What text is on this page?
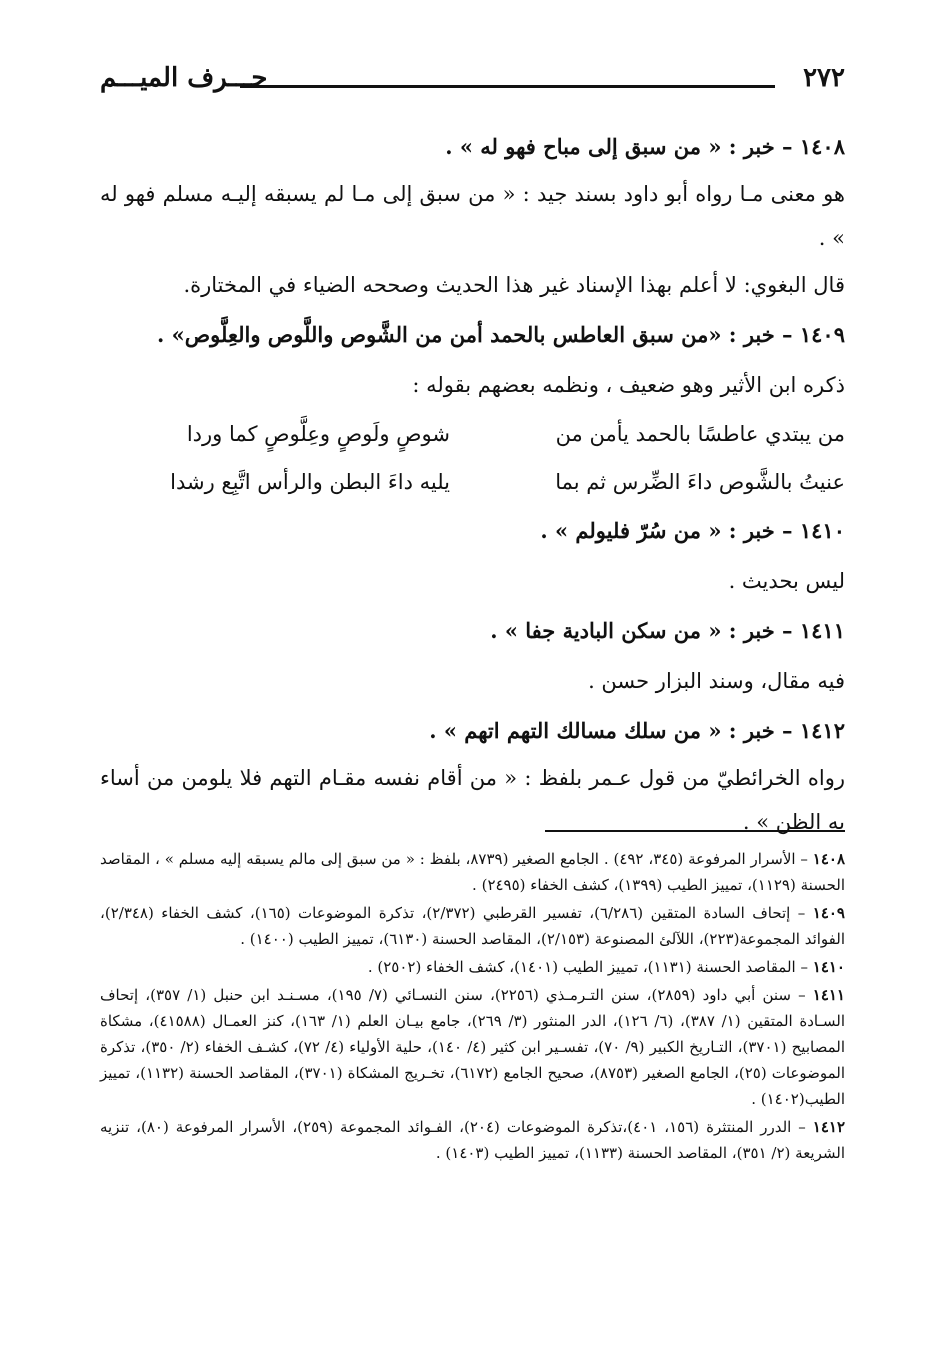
٢٧٢
حـــرف الميـــم
١٤٠٨ – خبر : « من سبق إلى مباح فهو له » .
هو معنى مـا رواه أبو داود بسند جيد : « من سبق إلى مـا لم يسبقه إليـه مسلم فهو له » .
قال البغوي: لا أعلم بهذا الإسناد غير هذا الحديث وصححه الضياء في المختارة.
١٤٠٩ – خبر : «من سبق العاطس بالحمد أمن من الشَّوص واللَّوص والعِلَّوص» .
ذكره ابن الأثير وهو ضعيف ، ونظمه بعضهم بقوله :
من يبتدي عاطسًا بالحمد يأمن من
شوصٍ ولَوصٍ وعِلَّوصٍ كما وردا
عنيتُ بالشَّوص داءَ الضِّرس ثم بما
يليه داءَ البطن والرأس اتَّبِع رشدا
١٤١٠ – خبر : « من سُرّ فليولم » .
ليس بحديث .
١٤١١ – خبر : « من سكن البادية جفا » .
فيه مقال، وسند البزار حسن .
١٤١٢ – خبر : « من سلك مسالك التهم اتهم » .
رواه الخرائطيّ من قول عـمر بلفظ : « من أقام نفسه مقـام التهم فلا يلومن من أساء به الظن » .
١٤٠٨ – الأسرار المرفوعة (٣٤٥، ٤٩٢) . الجامع الصغير (٨٧٣٩، بلفظ : « من سبق إلى مالم يسبقه إليه مسلم » ، المقاصد الحسنة (١١٢٩)، تمييز الطيب (١٣٩٩)، كشف الخفاء (٢٤٩٥) .
١٤٠٩ – إتحاف السادة المتقين (٦/٢٨٦)، تفسير القرطبي (٢/٣٧٢)، تذكرة الموضوعات (١٦٥)، كشف الخفاء (٢/٣٤٨)، الفوائد المجموعة(٢٢٣)، اللآلئ المصنوعة (٢/١٥٣)، المقاصد الحسنة (٦١٣٠)، تمييز الطيب (١٤٠٠) .
١٤١٠ – المقاصد الحسنة (١١٣١)، تمييز الطيب (١٤٠١)، كشف الخفاء (٢٥٠٢) .
١٤١١ – سنن أبي داود (٢٨٥٩)، سنن التـرمـذي (٢٢٥٦)، سنن النسـائي (٧/ ١٩٥)، مسـنـد ابن حنبل (١/ ٣٥٧)، إتحاف السـادة المتقين (١/ ٣٨٧)، (٦/ ١٢٦)، الدر المنثور (٣/ ٢٦٩)، جامع بيـان العلم (١/ ١٦٣)، كنز العمـال (٤١٥٨٨)، مشكاة المصابيح (٣٧٠١)، التـاريخ الكبير (٩/ ٧٠)، تفسـير ابن كثير (٤/ ١٤٠)، حلية الأولياء (٤/ ٧٢)، كشـف الخفاء (٢/ ٣٥٠)، تذكرة الموضوعات (٢٥)، الجامع الصغير (٨٧٥٣)، صحيح الجامع (٦١٧٢)، تخـريج المشكاة (٣٧٠١)، المقاصد الحسنة (١١٣٢)، تمييز الطيب(١٤٠٢) .
١٤١٢ – الدرر المنتثرة (١٥٦، ٤٠١)،تذكرة الموضوعات (٢٠٤)، الفـوائد المجموعة (٢٥٩)، الأسرار المرفوعة (٨٠)، تنزيه الشريعة (٢/ ٣٥١)، المقاصد الحسنة (١١٣٣)، تمييز الطيب (١٤٠٣) .
